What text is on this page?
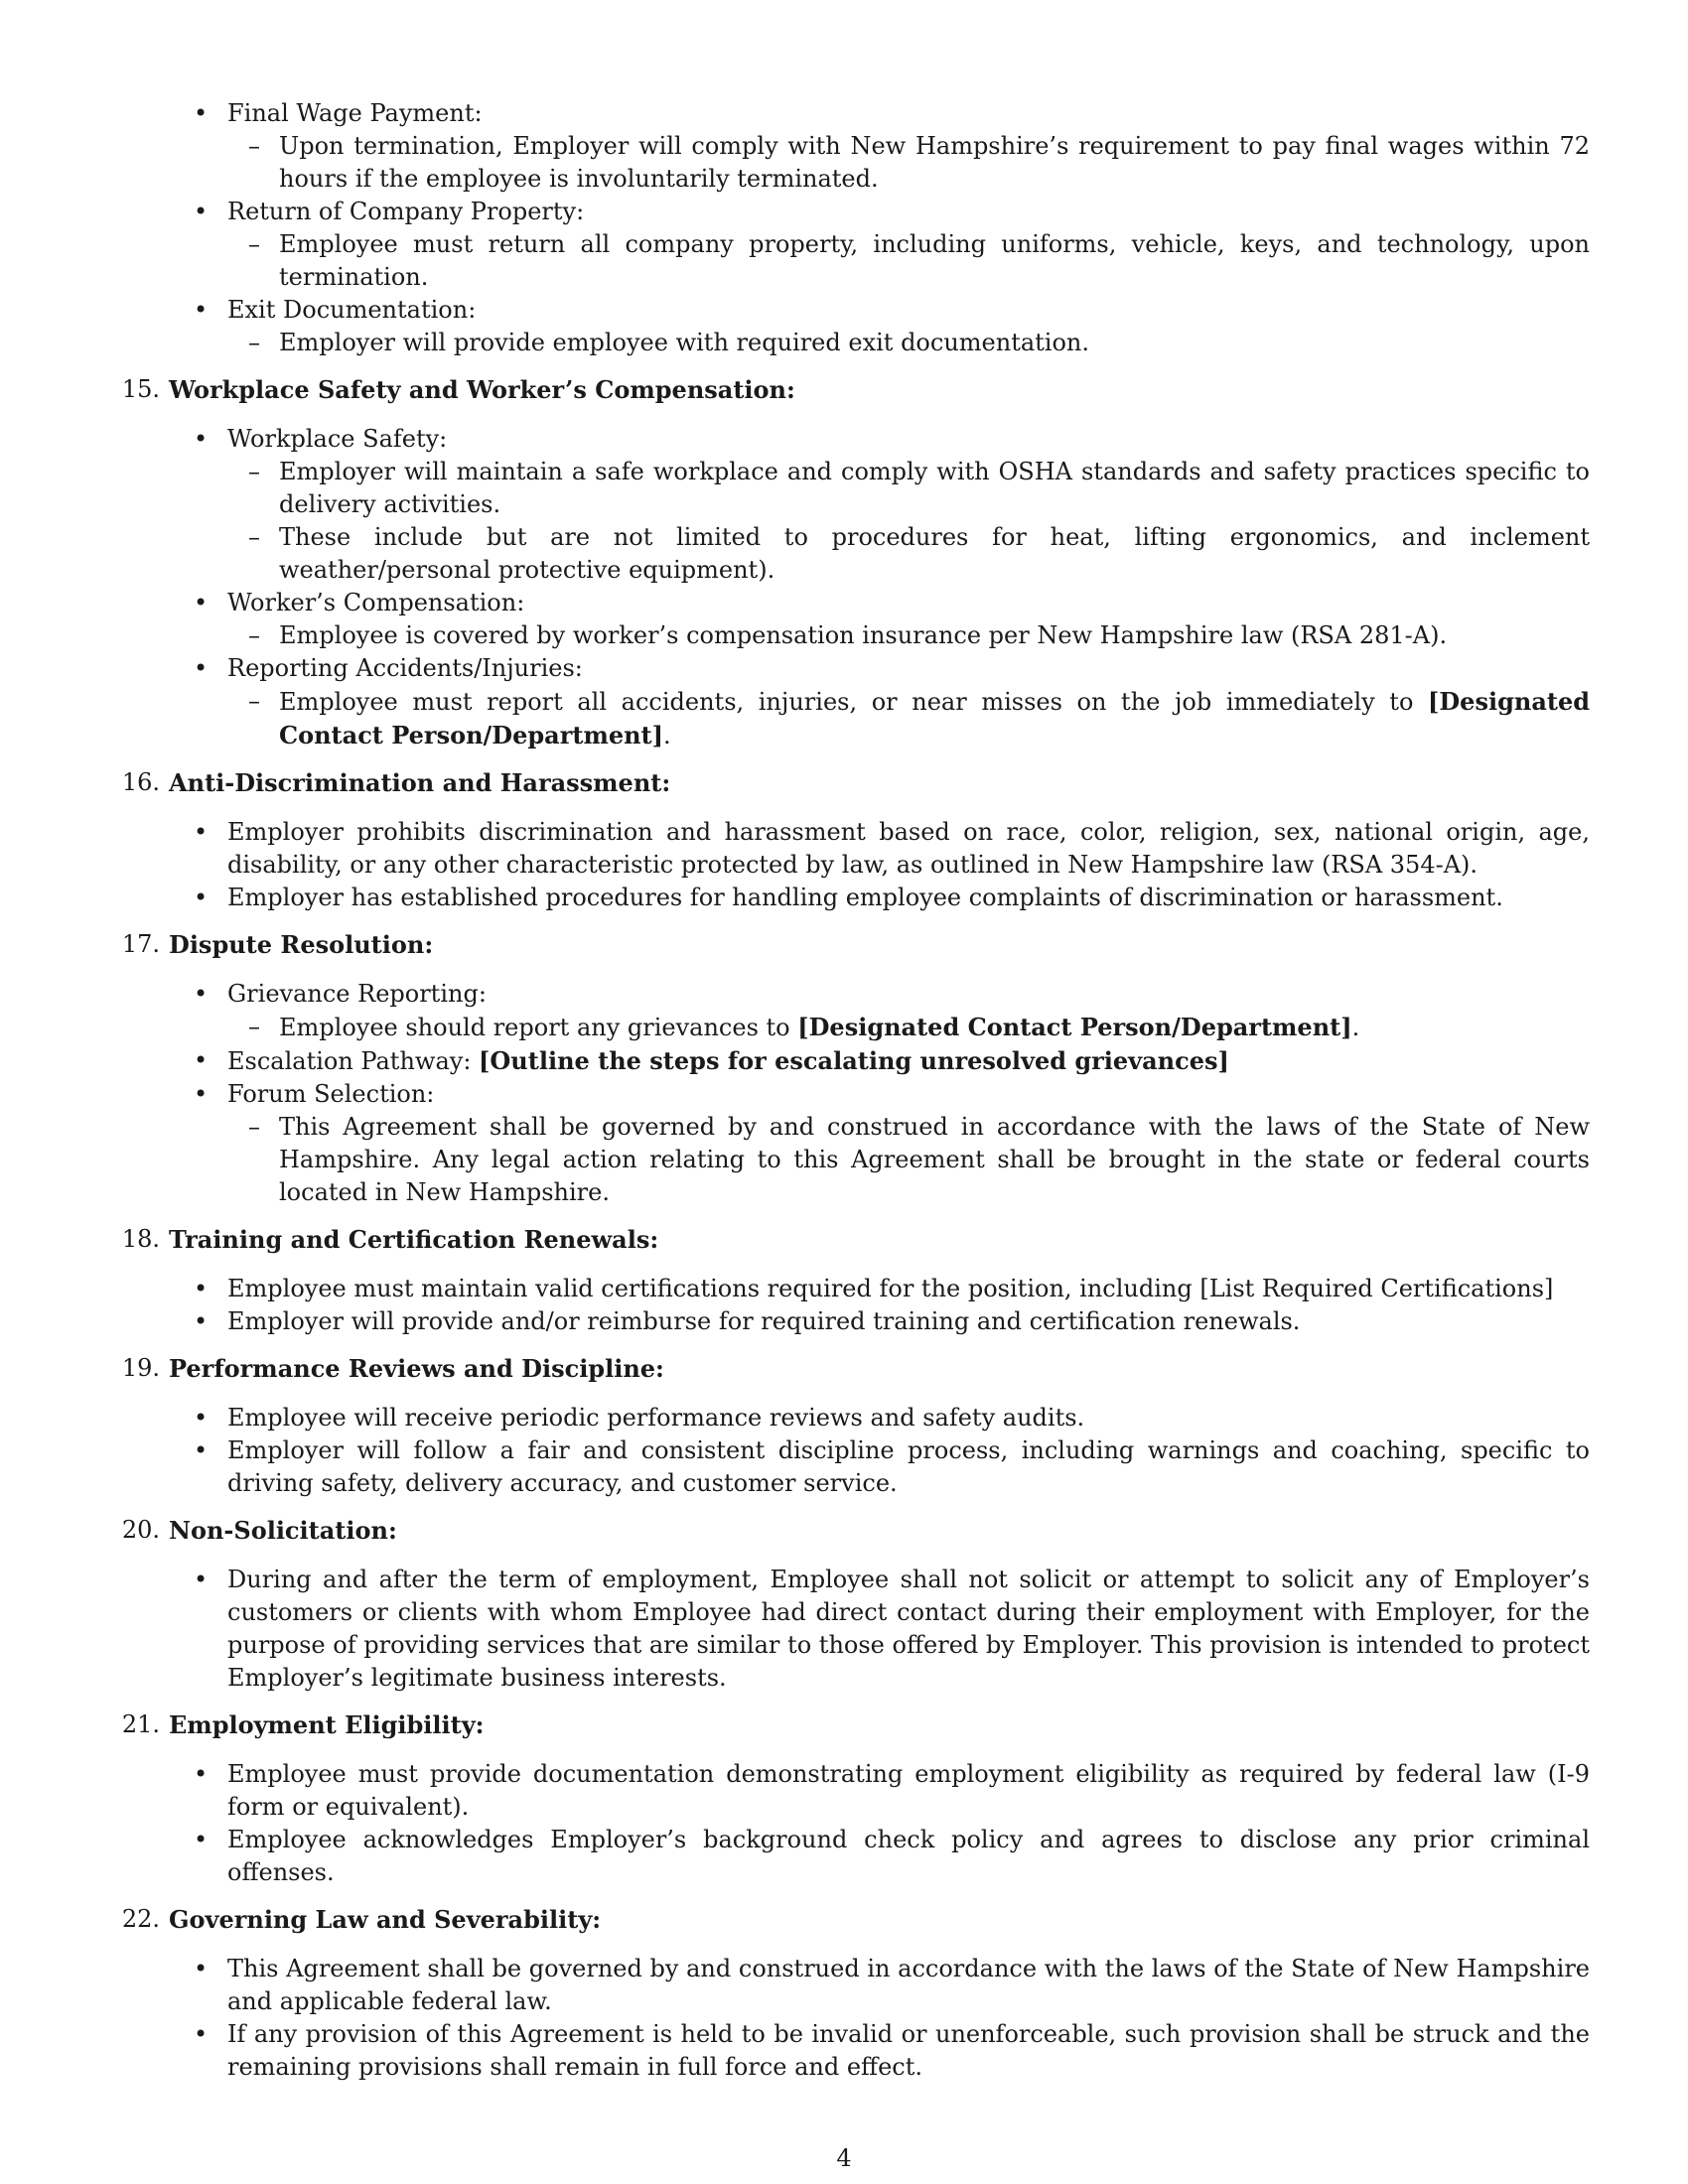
• Final Wage Payment:
– Upon termination, Employer will comply with New Hampshire’s requirement to pay final wages within 72 hours if the employee is involuntarily terminated.
• Return of Company Property:
– Employee must return all company property, including uniforms, vehicle, keys, and technology, upon termination.
• Exit Documentation:
– Employer will provide employee with required exit documentation.
15. Workplace Safety and Worker’s Compensation:
• Workplace Safety:
– Employer will maintain a safe workplace and comply with OSHA standards and safety practices specific to delivery activities.
– These include but are not limited to procedures for heat, lifting ergonomics, and inclement weather/personal protective equipment).
• Worker’s Compensation:
– Employee is covered by worker’s compensation insurance per New Hampshire law (RSA 281-A).
• Reporting Accidents/Injuries:
– Employee must report all accidents, injuries, or near misses on the job immediately to [Designated Contact Person/Department].
16. Anti-Discrimination and Harassment:
• Employer prohibits discrimination and harassment based on race, color, religion, sex, national origin, age, disability, or any other characteristic protected by law, as outlined in New Hampshire law (RSA 354-A).
• Employer has established procedures for handling employee complaints of discrimination or harassment.
17. Dispute Resolution:
• Grievance Reporting:
– Employee should report any grievances to [Designated Contact Person/Department].
• Escalation Pathway: [Outline the steps for escalating unresolved grievances]
• Forum Selection:
– This Agreement shall be governed by and construed in accordance with the laws of the State of New Hampshire. Any legal action relating to this Agreement shall be brought in the state or federal courts located in New Hampshire.
18. Training and Certification Renewals:
• Employee must maintain valid certifications required for the position, including [List Required Certifications]
• Employer will provide and/or reimburse for required training and certification renewals.
19. Performance Reviews and Discipline:
• Employee will receive periodic performance reviews and safety audits.
• Employer will follow a fair and consistent discipline process, including warnings and coaching, specific to driving safety, delivery accuracy, and customer service.
20. Non-Solicitation:
• During and after the term of employment, Employee shall not solicit or attempt to solicit any of Employer’s customers or clients with whom Employee had direct contact during their employment with Employer, for the purpose of providing services that are similar to those offered by Employer. This provision is intended to protect Employer’s legitimate business interests.
21. Employment Eligibility:
• Employee must provide documentation demonstrating employment eligibility as required by federal law (I-9 form or equivalent).
• Employee acknowledges Employer’s background check policy and agrees to disclose any prior criminal offenses.
22. Governing Law and Severability:
• This Agreement shall be governed by and construed in accordance with the laws of the State of New Hampshire and applicable federal law.
• If any provision of this Agreement is held to be invalid or unenforceable, such provision shall be struck and the remaining provisions shall remain in full force and effect.
4
